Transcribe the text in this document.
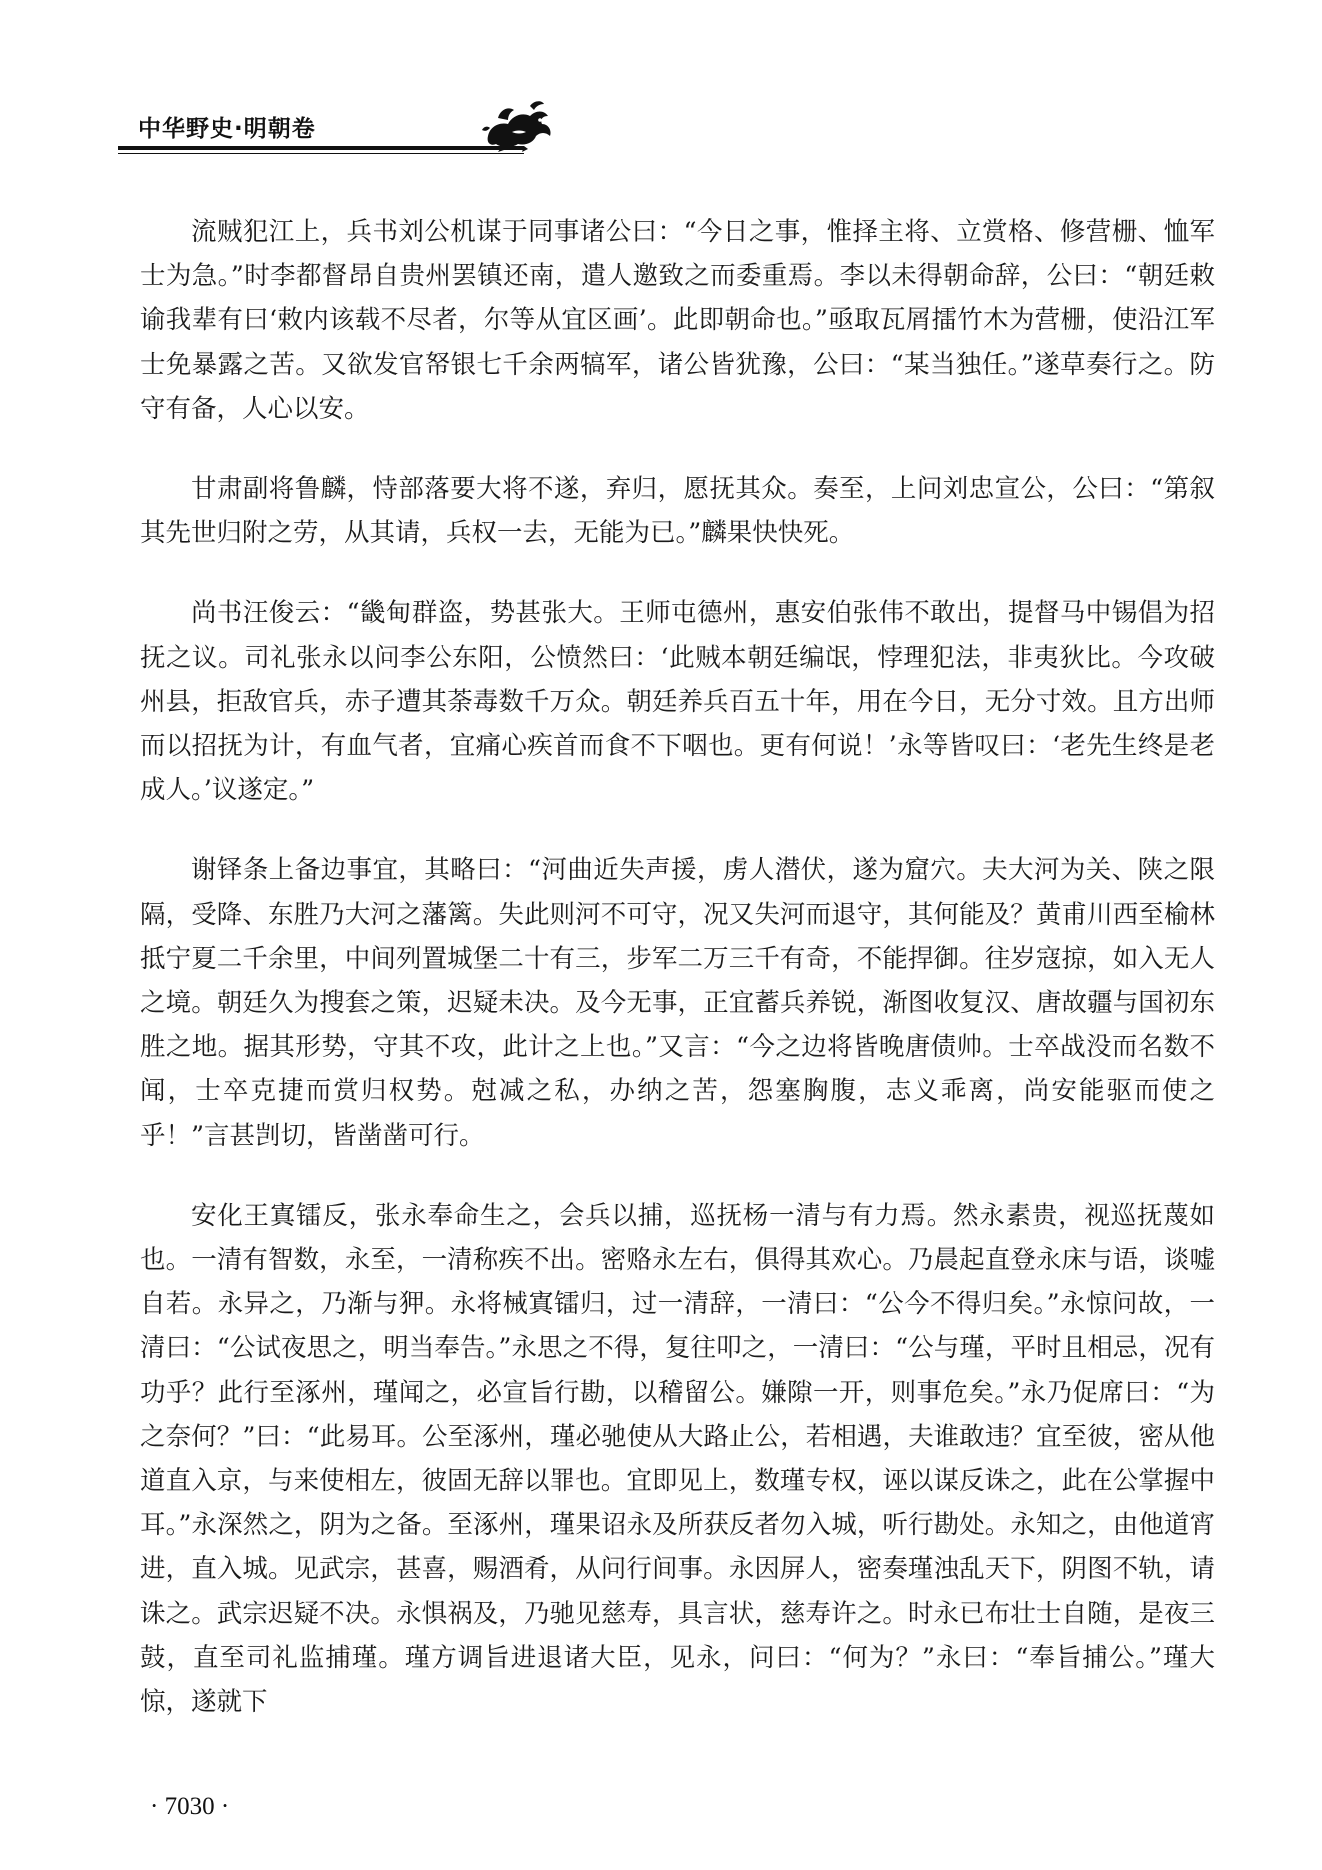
中华野史·明朝卷

流贼犯江上，兵书刘公机谋于同事诸公曰：“今日之事，惟择主将、立赏格、修营栅、恤军士为急。”时李都督昂自贵州罢镇还南，遣人邀致之而委重焉。李以未得朝命辞，公曰：“朝廷敕谕我辈有曰‘敕内该载不尽者，尔等从宜区画’。此即朝命也。”亟取瓦屑擂竹木为营栅，使沿江军士免暴露之苦。又欲发官帑银七千余两犒军，诸公皆犹豫，公曰：“某当独任。”遂草奏行之。防守有备，人心以安。

甘肃副将鲁麟，恃部落要大将不遂，弃归，愿抚其众。奏至，上问刘忠宣公，公曰：“第叙其先世归附之劳，从其请，兵权一去，无能为已。”麟果快快死。

尚书汪俊云：“畿甸群盗，势甚张大。王师屯德州，惠安伯张伟不敢出，提督马中锡倡为招抚之议。司礼张永以问李公东阳，公愤然曰：‘此贼本朝廷编氓，悖理犯法，非夷狄比。今攻破州县，拒敌官兵，赤子遭其荼毒数千万众。朝廷养兵百五十年，用在今日，无分寸效。且方出师而以招抚为计，有血气者，宜痛心疾首而食不下咽也。更有何说！’永等皆叹曰：‘老先生终是老成人。’议遂定。”

谢铎条上备边事宜，其略曰：“河曲近失声援，虏人潜伏，遂为窟穴。夫大河为关、陕之限隔，受降、东胜乃大河之藩篱。失此则河不可守，况又失河而退守，其何能及？黄甫川西至榆林抵宁夏二千余里，中间列置城堡二十有三，步军二万三千有奇，不能捍御。往岁寇掠，如入无人之境。朝廷久为搜套之策，迟疑未决。及今无事，正宜蓄兵养锐，渐图收复汉、唐故疆与国初东胜之地。据其形势，守其不攻，此计之上也。”又言：“今之边将皆晚唐债帅。士卒战没而名数不闻，士卒克捷而赏归权势。尅减之私，办纳之苦，怨塞胸腹，志义乖离，尚安能驱而使之乎！”言甚剀切，皆凿凿可行。

安化王寘镭反，张永奉命生之，会兵以捕，巡抚杨一清与有力焉。然永素贵，视巡抚蔑如也。一清有智数，永至，一清称疾不出。密赂永左右，俱得其欢心。乃晨起直登永床与语，谈嘘自若。永异之，乃渐与狎。永将械寘镭归，过一清辞，一清曰：“公今不得归矣。”永惊问故，一清曰：“公试夜思之，明当奉告。”永思之不得，复往叩之，一清曰：“公与瑾，平时且相忌，况有功乎？此行至涿州，瑾闻之，必宣旨行勘，以稽留公。嫌隙一开，则事危矣。”永乃促席曰：“为之奈何？”曰：“此易耳。公至涿州，瑾必驰使从大路止公，若相遇，夫谁敢违？宜至彼，密从他道直入京，与来使相左，彼固无辞以罪也。宜即见上，数瑾专权，诬以谋反诛之，此在公掌握中耳。”永深然之，阴为之备。至涿州，瑾果诏永及所获反者勿入城，听行勘处。永知之，由他道宵进，直入城。见武宗，甚喜，赐酒肴，从问行间事。永因屏人，密奏瑾浊乱天下，阴图不轨，请诛之。武宗迟疑不决。永惧祸及，乃驰见慈寿，具言状，慈寿许之。时永已布壮士自随，是夜三鼓，直至司礼监捕瑾。瑾方调旨进退诸大臣，见永，问曰：“何为？”永曰：“奉旨捕公。”瑾大惊，遂就下

· 7030 ·
